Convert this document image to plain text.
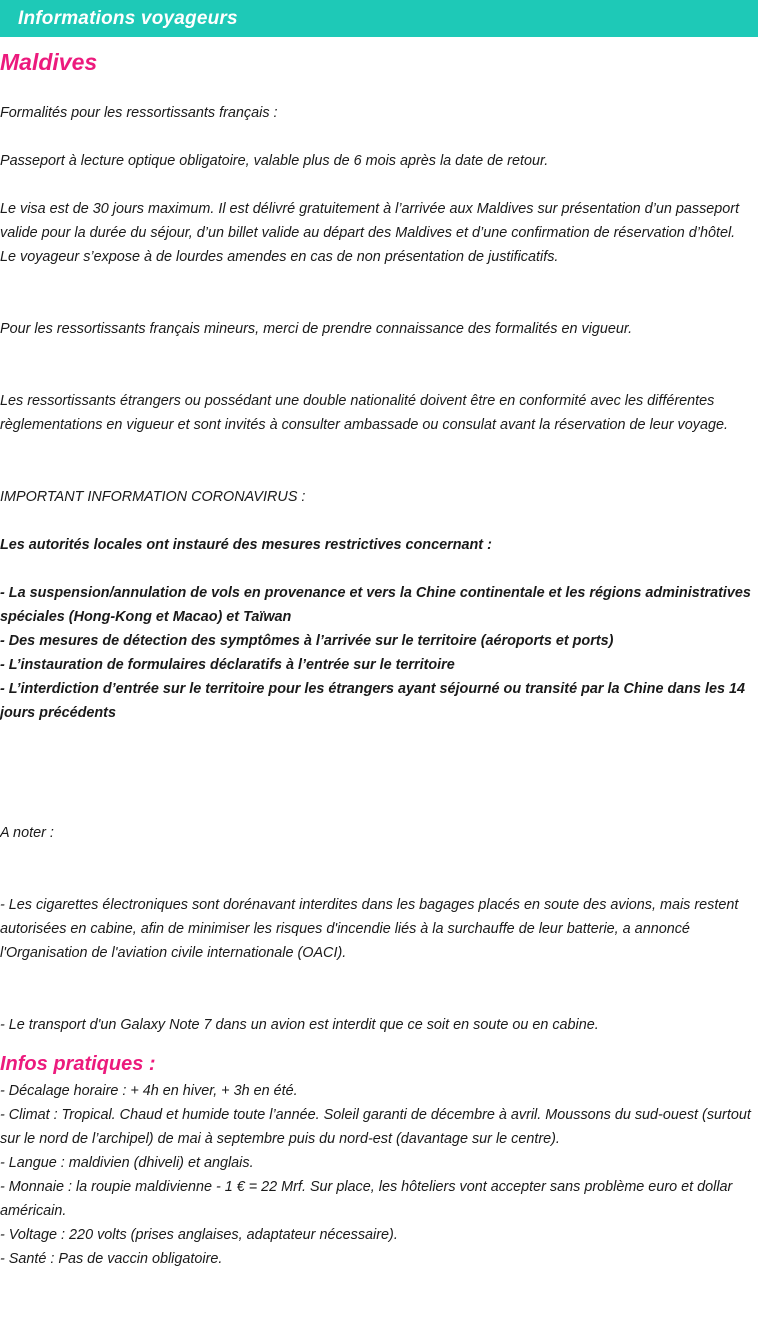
Informations voyageurs
Maldives

Formalités pour les ressortissants français :

Passeport à lecture optique obligatoire, valable plus de 6 mois après la date de retour.

Le visa est de 30 jours maximum. Il est délivré gratuitement à l’arrivée aux Maldives sur présentation d’un passeport valide pour la durée du séjour, d’un billet valide au départ des Maldives et d’une confirmation de réservation d’hôtel.

Le voyageur s’expose à de lourdes amendes en cas de non présentation de justificatifs.

Pour les ressortissants français mineurs, merci de prendre connaissance des formalités en vigueur.

Les ressortissants étrangers ou possédant une double nationalité doivent être en conformité avec les différentes règlementations en vigueur et sont invités à consulter ambassade ou consulat avant la réservation de leur voyage.

IMPORTANT INFORMATION CORONAVIRUS :

Les autorités locales ont instauré des mesures restrictives concernant :

- La suspension/annulation de vols en provenance et vers la Chine continentale et les régions administratives spéciales (Hong-Kong et Macao) et Taïwan

- Des mesures de détection des symptômes à l’arrivée sur le territoire (aéroports et ports)

- L’instauration de formulaires déclaratifs à l’entrée sur le territoire

- L’interdiction d’entrée sur le territoire pour les étrangers ayant séjourné ou transité par la Chine dans les 14 jours précédents

A noter :

- Les cigarettes électroniques sont dorénavant interdites dans les bagages placés en soute des avions, mais restent autorisées en cabine, afin de minimiser les risques d'incendie liés à la surchauffe de leur batterie, a annoncé l'Organisation de l'aviation civile internationale (OACI).

- Le transport d'un Galaxy Note 7 dans un avion est interdit que ce soit en soute ou en cabine.

Infos pratiques :

- Décalage horaire : + 4h en hiver, + 3h en été.

- Climat : Tropical. Chaud et humide toute l’année. Soleil garanti de décembre à avril. Moussons du sud-ouest (surtout sur le nord de l’archipel) de mai à septembre puis du nord-est (davantage sur le centre).

- Langue : maldivien (dhiveli) et anglais.

- Monnaie : la roupie maldivienne - 1 € = 22 Mrf. Sur place, les hôteliers vont accepter sans problème euro et dollar américain.

- Voltage : 220 volts (prises anglaises, adaptateur nécessaire).

- Santé : Pas de vaccin obligatoire.
